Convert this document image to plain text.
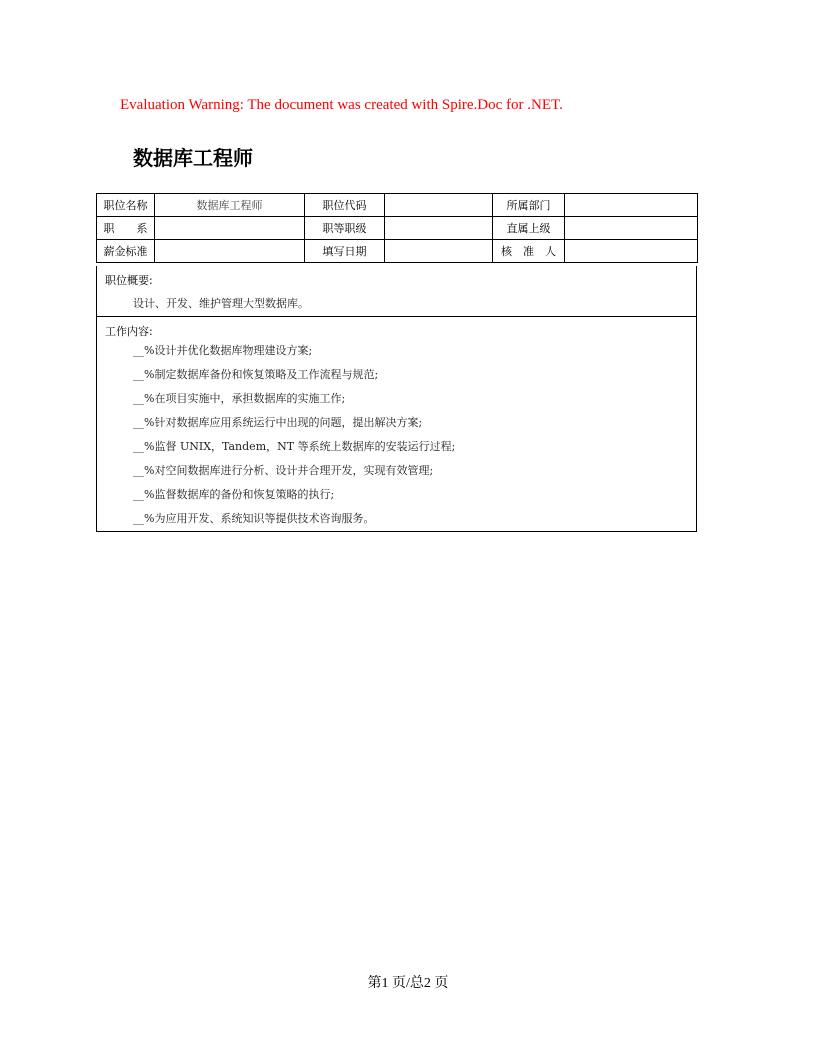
Evaluation Warning: The document was created with Spire.Doc for .NET.
数据库工程师
职位名称	数据库工程师	职位代码		所属部门	
职　　系		职等职级		直属上级	
薪金标准		填写日期		核　准　人	
职位概要:
设计、开发、维护管理大型数据库。
工作内容:
__%设计并优化数据库物理建设方案;
__%制定数据库备份和恢复策略及工作流程与规范;
__%在项目实施中，承担数据库的实施工作;
__%针对数据库应用系统运行中出现的问题，提出解决方案;
__%监督 UNIX，Tandem，NT 等系统上数据库的安装运行过程;
__%对空间数据库进行分析、设计并合理开发，实现有效管理;
__%监督数据库的备份和恢复策略的执行;
__%为应用开发、系统知识等提供技术咨询服务。
第1 页/总2 页
